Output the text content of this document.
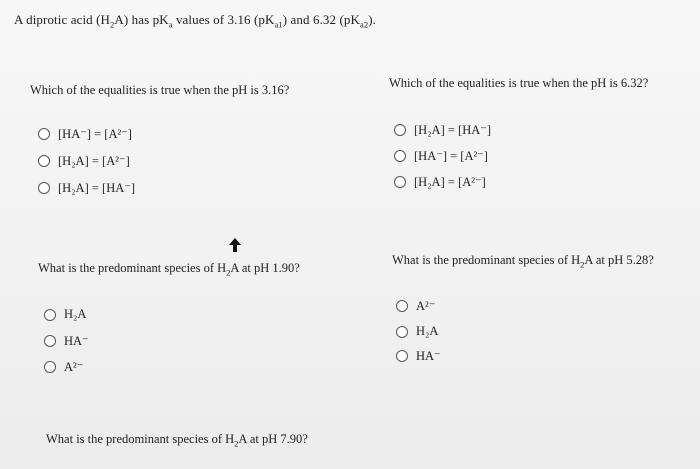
A diprotic acid $(H_2A)$ has $pK_a$ values of 3.16 $(pK_{a1})$ and 6.32 $(pK_{a2})$.
Which of the equalities is true when the pH is 3.16?
[HA⁻] = [A²⁻]
[H₂A] = [A²⁻]
[H₂A] = [HA⁻]
Which of the equalities is true when the pH is 6.32?
[H₂A] = [HA⁻]
[HA⁻] = [A²⁻]
[H₂A] = [A²⁻]
What is the predominant species of $H_2A$ at pH 1.90?
H₂A
HA⁻
A²⁻
What is the predominant species of $H_2A$ at pH 5.28?
A²⁻
H₂A
HA⁻
What is the predominant species of $H_2A$ at pH 7.90?
